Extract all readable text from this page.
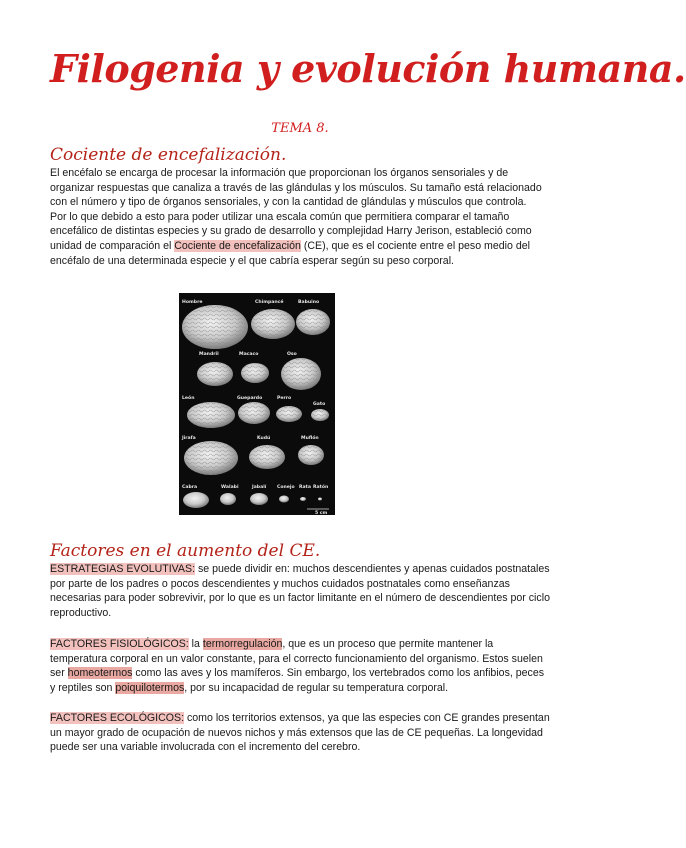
Filogenia y evolución humana.
TEMA 8.
Cociente de encefalización.
El encéfalo se encarga de procesar la información que proporcionan los órganos sensoriales y de organizar respuestas que canaliza a través de las glándulas y los músculos. Su tamaño está relacionado con el número y tipo de órganos sensoriales, y con la cantidad de glándulas y músculos que controla.
Por lo que debido a esto para poder utilizar una escala común que permitiera comparar el tamaño encefálico de distintas especies y su grado de desarrollo y complejidad Harry Jerison, estableció como unidad de comparación el Cociente de encefalización (CE), que es el cociente entre el peso medio del encéfalo de una determinada especie y el que cabría esperar según su peso corporal.
Hombre	Chimpancé	Babuino
Mandril	Macaco	Oso
León	Guepardo	Perro
Gato
Jirafa	Kudú	Muflón
Cabra	Walabi	Jabalí Conejo Rata Ratón
5 cm
Factores en el aumento del CE.
ESTRATEGIAS EVOLUTIVAS: se puede dividir en: muchos descendientes y apenas cuidados postnatales por parte de los padres o pocos descendientes y muchos cuidados postnatales como enseñanzas necesarias para poder sobrevivir, por lo que es un factor limitante en el número de descendientes por ciclo reproductivo.
FACTORES FISIOLÓGICOS: la termorregulación, que es un proceso que permite mantener la temperatura corporal en un valor constante, para el correcto funcionamiento del organismo. Estos suelen ser homeotermos como las aves y los mamíferos. Sin embargo, los vertebrados como los anfibios, peces y reptiles son poiquilotermos, por su incapacidad de regular su temperatura corporal.
FACTORES ECOLÓGICOS: como los territorios extensos, ya que las especies con CE grandes presentan un mayor grado de ocupación de nuevos nichos y más extensos que las de CE pequeñas. La longevidad puede ser una variable involucrada con el incremento del cerebro.
